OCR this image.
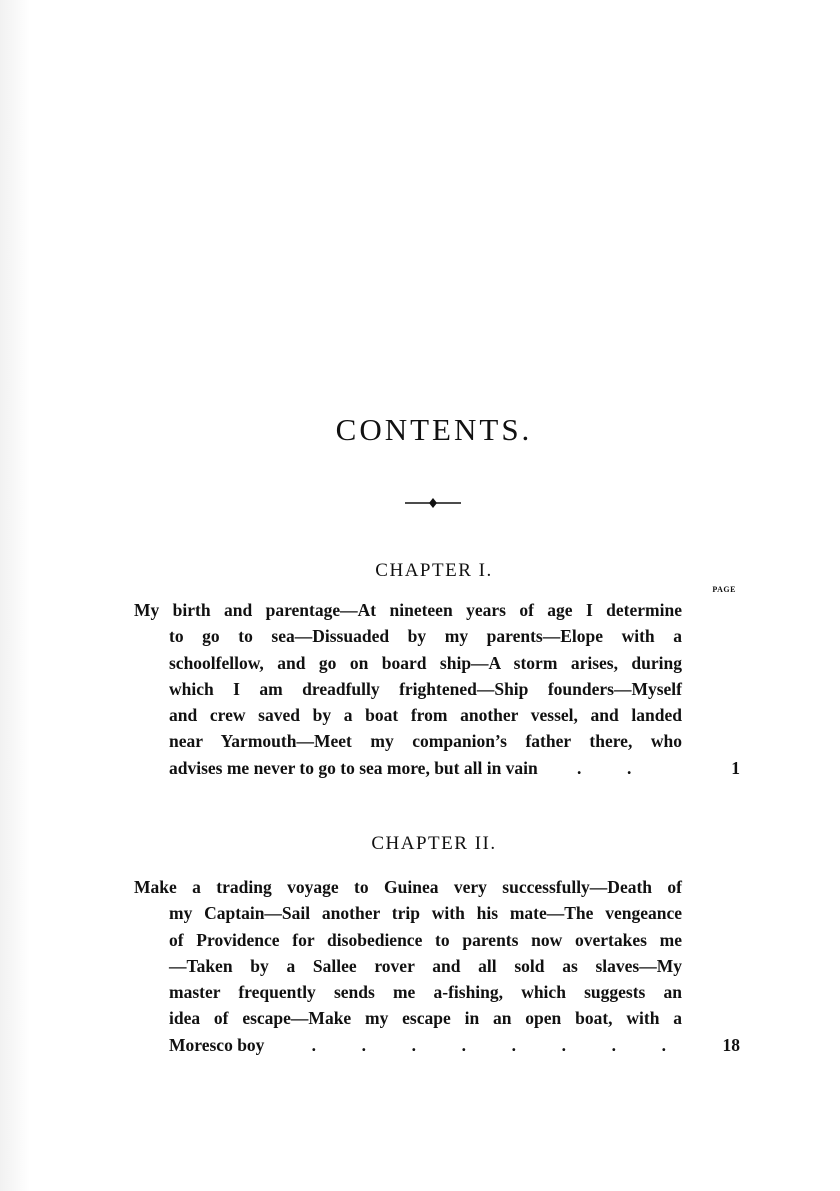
CONTENTS.
CHAPTER I.
PAGE
My birth and parentage—At nineteen years of age I determine
to go to sea—Dissuaded by my parents—Elope with a
schoolfellow, and go on board ship—A storm arises, during
which I am dreadfully frightened—Ship founders—Myself
and crew saved by a boat from another vessel, and landed
near Yarmouth—Meet my companion’s father there, who
advises me never to go to sea more, but all in vain .	.	1
CHAPTER II.
Make a trading voyage to Guinea very successfully—Death of
my Captain—Sail another trip with his mate—The vengeance
of Providence for disobedience to parents now overtakes me
—Taken by a Sallee rover and all sold as slaves—My
master frequently sends me a-fishing, which suggests an
idea of escape—Make my escape in an open boat, with a
Moresco boy	.	.	.	.	.	.	.	.	18
